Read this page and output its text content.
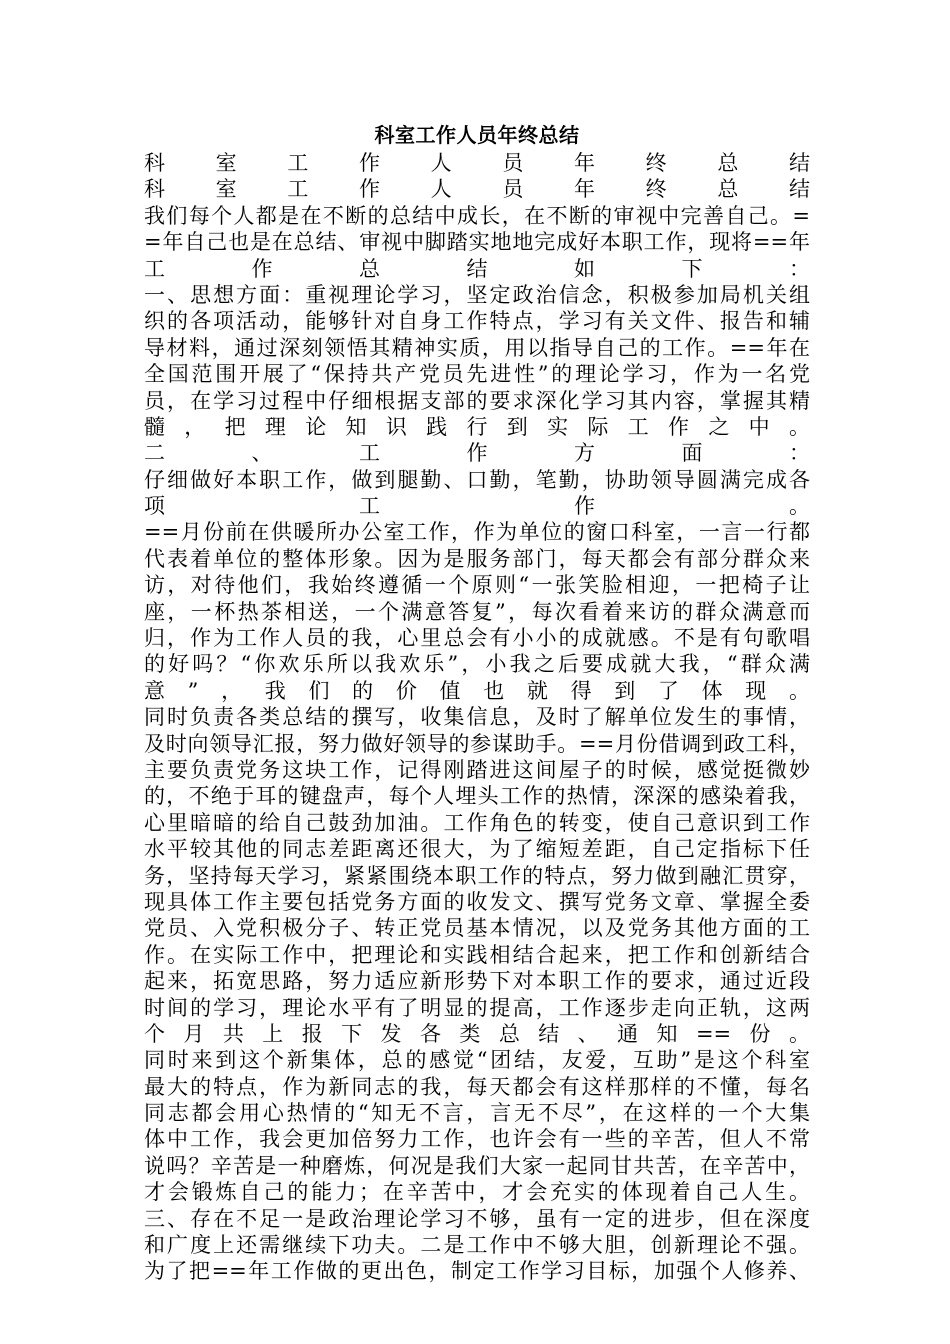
科室工作人员年终总结

科室工作人员年终总结

科室工作人员年终总结

我们每个人都是在不断的总结中成长，在不断的审视中完善自己。=

=年自己也是在总结、审视中脚踏实地地完成好本职工作，现将==年

工作总结如下：

一、思想方面：重视理论学习，坚定政治信念，积极参加局机关组

织的各项活动，能够针对自身工作特点，学习有关文件、报告和辅

导材料，通过深刻领悟其精神实质，用以指导自己的工作。==年在

全国范围开展了“保持共产党员先进性”的理论学习，作为一名党

员，在学习过程中仔细根据支部的要求深化学习其内容，掌握其精

髓，把理论知识践行到实际工作之中。

二、工作方面：

仔细做好本职工作，做到腿勤、口勤，笔勤，协助领导圆满完成各

项工作。

==月份前在供暖所办公室工作，作为单位的窗口科室，一言一行都

代表着单位的整体形象。因为是服务部门，每天都会有部分群众来

访，对待他们，我始终遵循一个原则“一张笑脸相迎，一把椅子让

座，一杯热茶相送，一个满意答复”，每次看着来访的群众满意而

归，作为工作人员的我，心里总会有小小的成就感。不是有句歌唱

的好吗？“你欢乐所以我欢乐”，小我之后要成就大我，“群众满

意”，我们的价值也就得到了体现。

同时负责各类总结的撰写，收集信息，及时了解单位发生的事情，

及时向领导汇报，努力做好领导的参谋助手。==月份借调到政工科，

主要负责党务这块工作，记得刚踏进这间屋子的时候，感觉挺微妙

的，不绝于耳的键盘声，每个人埋头工作的热情，深深的感染着我，

心里暗暗的给自己鼓劲加油。工作角色的转变，使自己意识到工作

水平较其他的同志差距离还很大，为了缩短差距，自己定指标下任

务，坚持每天学习，紧紧围绕本职工作的特点，努力做到融汇贯穿，

现具体工作主要包括党务方面的收发文、撰写党务文章、掌握全委

党员、入党积极分子、转正党员基本情况，以及党务其他方面的工

作。在实际工作中，把理论和实践相结合起来，把工作和创新结合

起来，拓宽思路，努力适应新形势下对本职工作的要求，通过近段

时间的学习，理论水平有了明显的提高，工作逐步走向正轨，这两

个月共上报下发各类总结、通知==份。

同时来到这个新集体，总的感觉“团结，友爱，互助”是这个科室

最大的特点，作为新同志的我，每天都会有这样那样的不懂，每名

同志都会用心热情的“知无不言，言无不尽”，在这样的一个大集

体中工作，我会更加倍努力工作，也许会有一些的辛苦，但人不常

说吗？辛苦是一种磨炼，何况是我们大家一起同甘共苦，在辛苦中，

才会锻炼自己的能力；在辛苦中，才会充实的体现着自己人生。

三、存在不足一是政治理论学习不够，虽有一定的进步，但在深度

和广度上还需继续下功夫。二是工作中不够大胆，创新理论不强。

为了把==年工作做的更出色，制定工作学习目标，加强个人修养、
